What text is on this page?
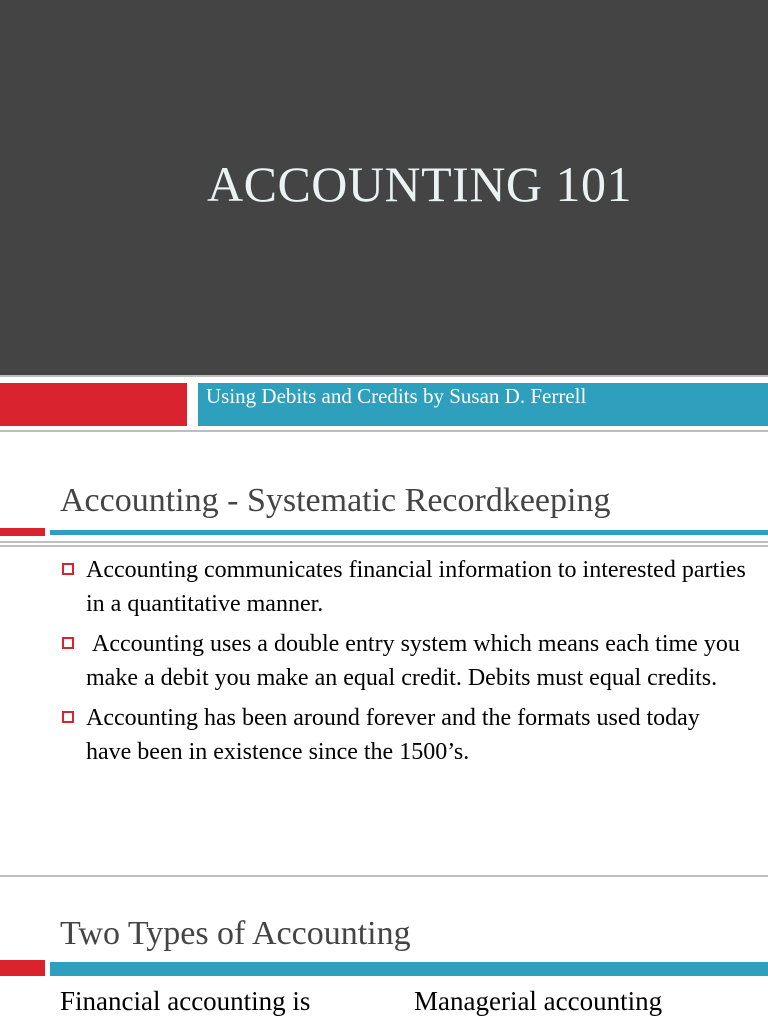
ACCOUNTING 101
Using Debits and Credits by Susan D. Ferrell
Accounting - Systematic Recordkeeping
Accounting communicates financial information to interested parties in a quantitative manner.
Accounting uses a double entry system which means each time you make a debit you make an equal credit. Debits must equal credits.
Accounting has been around forever and the formats used today have been in existence since the 1500’s.
Two Types of Accounting
Financial accounting is	Managerial accounting
